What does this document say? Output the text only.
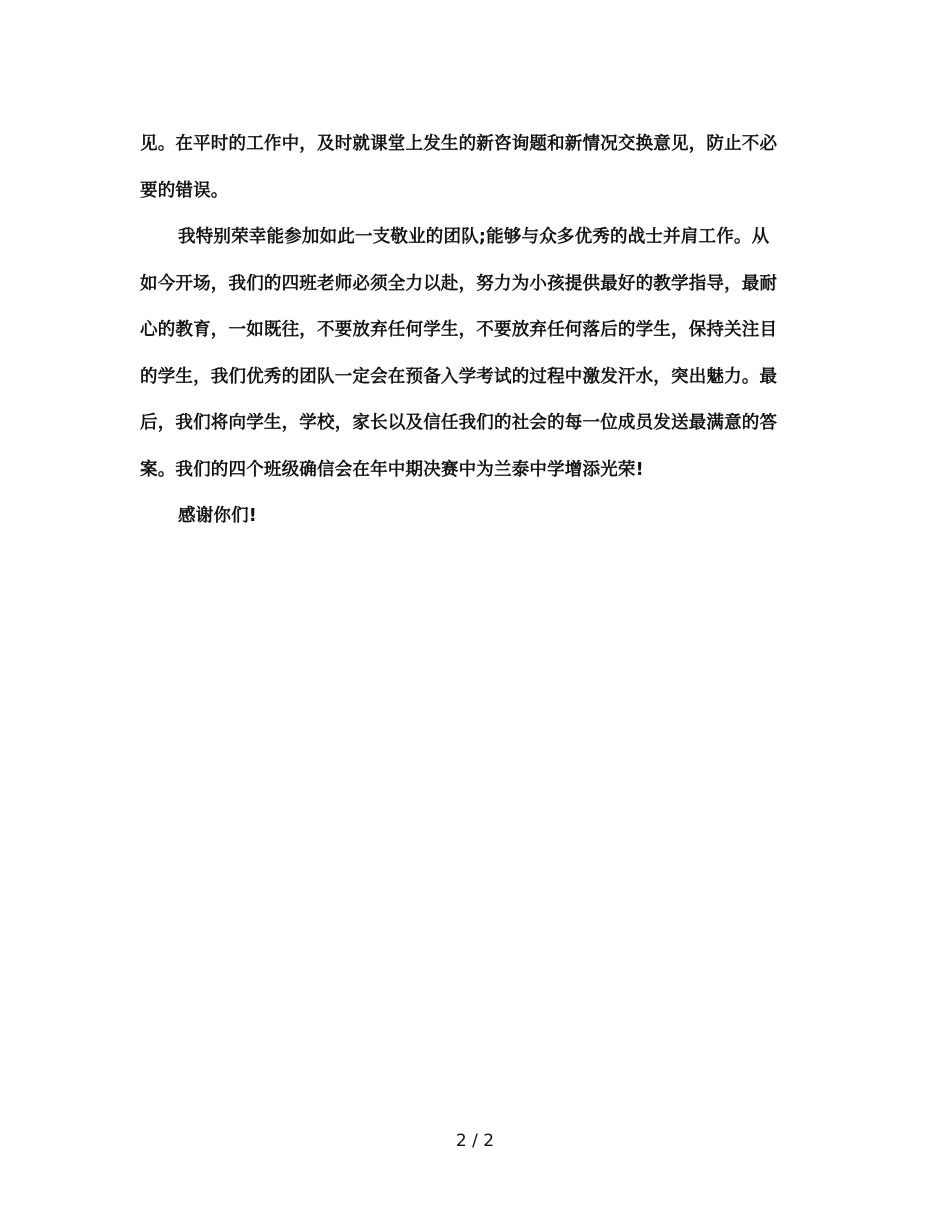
见。在平时的工作中，及时就课堂上发生的新咨询题和新情况交换意见，防止不必
要的错误。
我特别荣幸能参加如此一支敬业的团队;能够与众多优秀的战士并肩工作。从
如今开场，我们的四班老师必须全力以赴，努力为小孩提供最好的教学指导，最耐
心的教育，一如既往，不要放弃任何学生，不要放弃任何落后的学生，保持关注目
的学生，我们优秀的团队一定会在预备入学考试的过程中激发汗水，突出魅力。最
后，我们将向学生，学校，家长以及信任我们的社会的每一位成员发送最满意的答
案。我们的四个班级确信会在年中期决赛中为兰泰中学增添光荣!
感谢你们!
2 / 2
